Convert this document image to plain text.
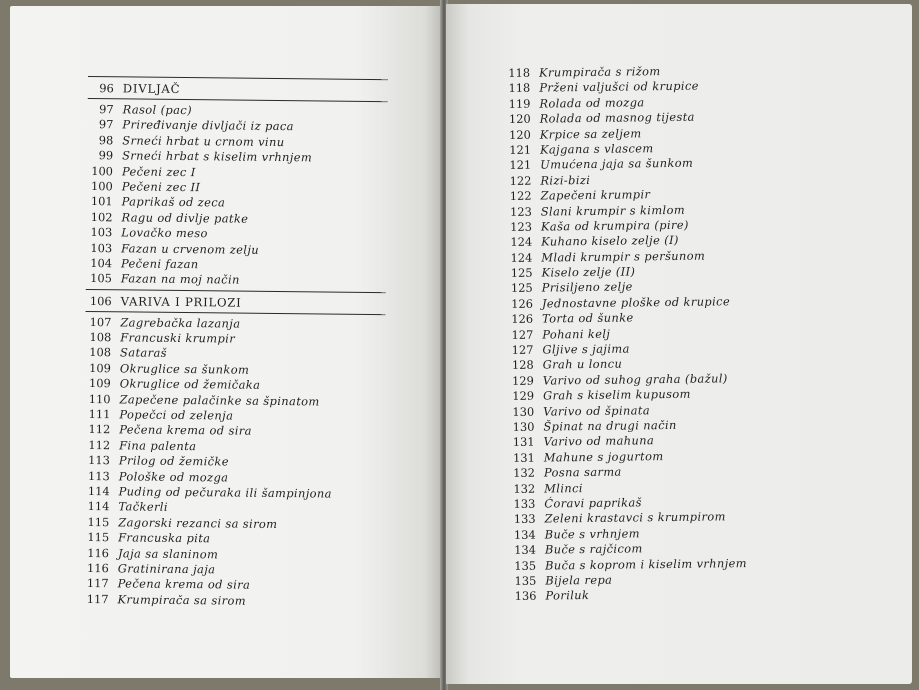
96 DIVLJAČ
97 Rasol (pac)
97 Priređivanje divljači iz paca
98 Srneći hrbat u crnom vinu
99 Srneći hrbat s kiselim vrhnjem
100 Pečeni zec I
100 Pečeni zec II
101 Paprikaš od zeca
102 Ragu od divlje patke
103 Lovačko meso
103 Fazan u crvenom zelju
104 Pečeni fazan
105 Fazan na moj način
106 VARIVA I PRILOZI
107 Zagrebačka lazanja
108 Francuski krumpir
108 Sataraš
109 Okruglice sa šunkom
109 Okruglice od žemičaka
110 Zapečene palačinke sa špinatom
111 Popečci od zelenja
112 Pečena krema od sira
112 Fina palenta
113 Prilog od žemičke
113 Pološke od mozga
114 Puding od pečuraka ili šampinjona
114 Tačkerli
115 Zagorski rezanci sa sirom
115 Francuska pita
116 Jaja sa slaninom
116 Gratinirana jaja
117 Pečena krema od sira
117 Krumpirača sa sirom
118 Krumpirača s rižom
118 Prženi valjušci od krupice
119 Rolada od mozga
120 Rolada od masnog tijesta
120 Krpice sa zeljem
121 Kajgana s vlascem
121 Umućena jaja sa šunkom
122 Rizi-bizi
122 Zapečeni krumpir
123 Slani krumpir s kimlom
123 Kaša od krumpira (pire)
124 Kuhano kiselo zelje (I)
124 Mladi krumpir s peršunom
125 Kiselo zelje (II)
125 Prisiljeno zelje
126 Jednostavne ploške od krupice
126 Torta od šunke
127 Pohani kelj
127 Gljive s jajima
128 Grah u loncu
129 Varivo od suhog graha (bažul)
129 Grah s kiselim kupusom
130 Varivo od špinata
130 Špinat na drugi način
131 Varivo od mahuna
131 Mahune s jogurtom
132 Posna sarma
132 Mlinci
133 Ćoravi paprikaš
133 Zeleni krastavci s krumpirom
134 Buče s vrhnjem
134 Buče s rajčicom
135 Buča s koprom i kiselim vrhnjem
135 Bijela repa
136 Poriluk
